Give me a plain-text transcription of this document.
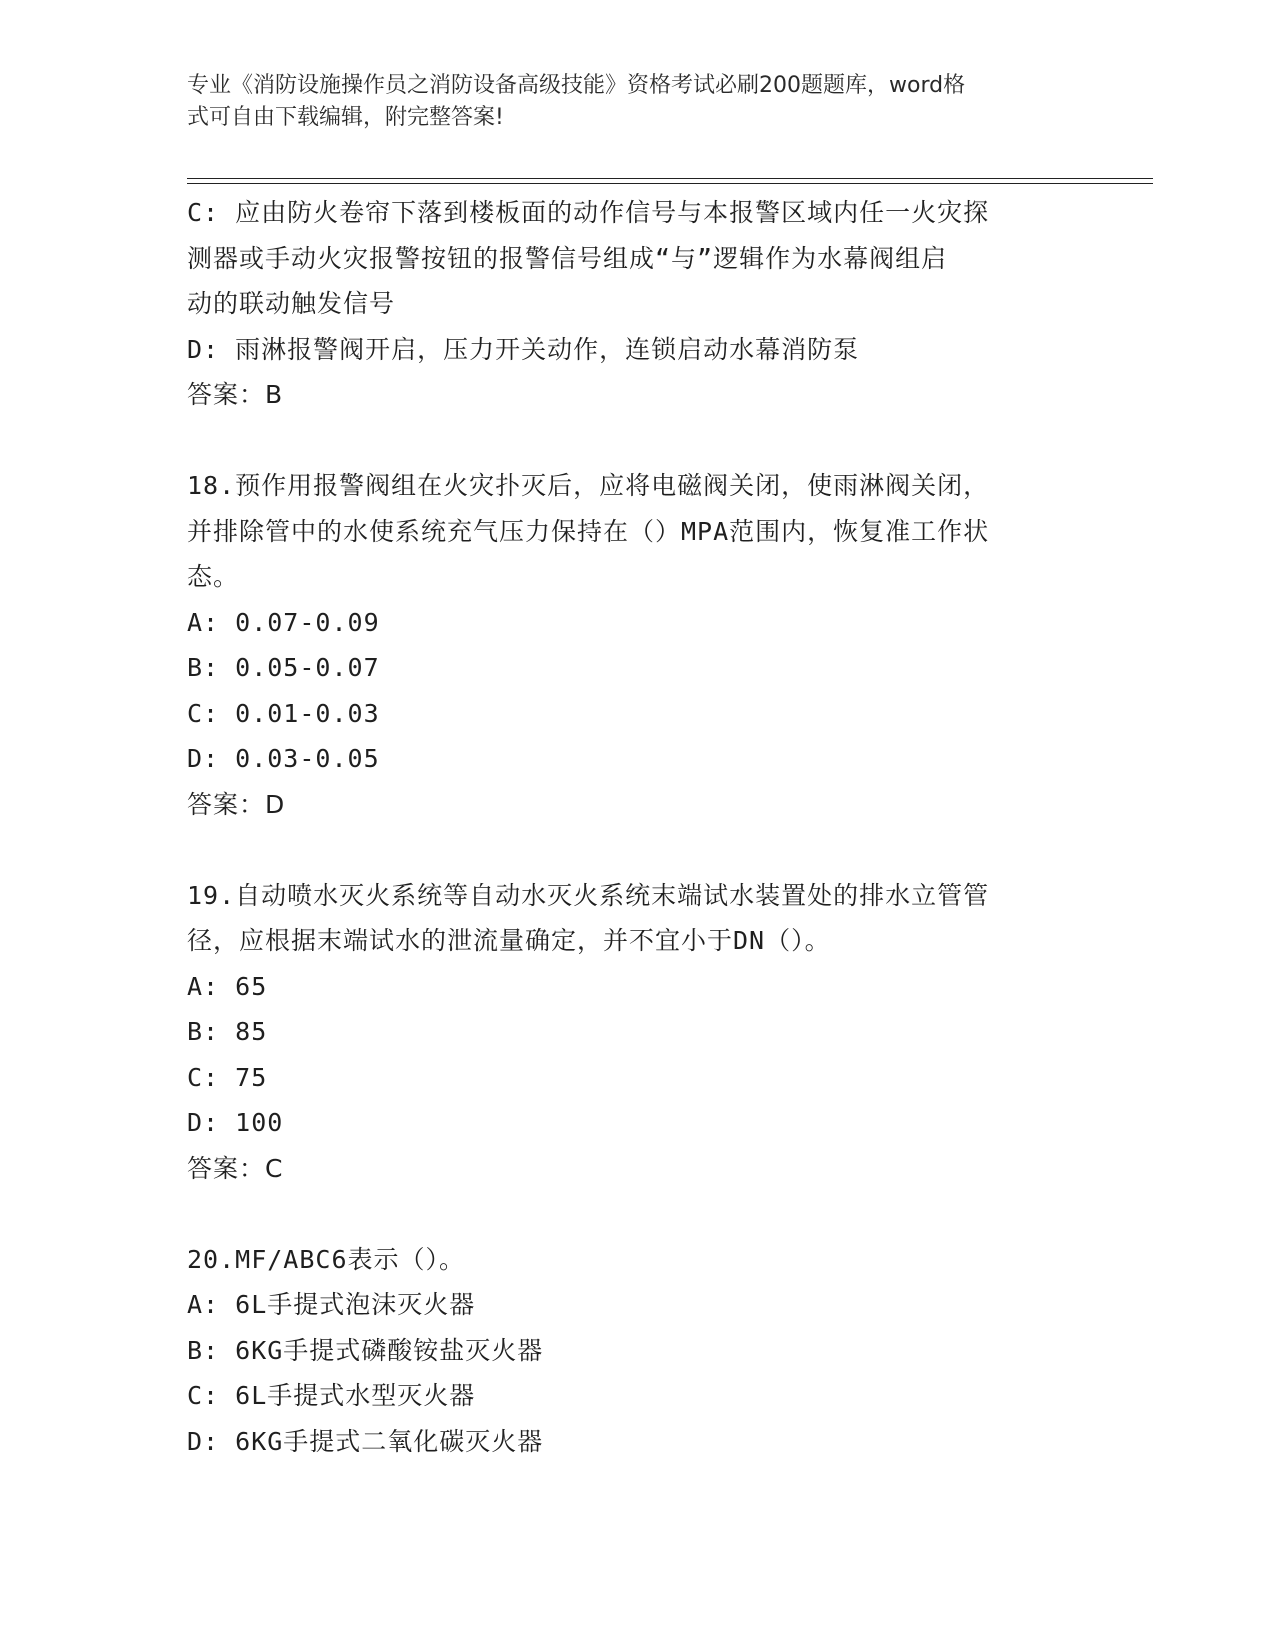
专业《消防设施操作员之消防设备高级技能》资格考试必刷200题题库，word格
式可自由下载编辑，附完整答案!
C: 应由防火卷帘下落到楼板面的动作信号与本报警区域内任一火灾探
测器或手动火灾报警按钮的报警信号组成“与”逻辑作为水幕阀组启
动的联动触发信号
D: 雨淋报警阀开启，压力开关动作，连锁启动水幕消防泵
答案：B
18.预作用报警阀组在火灾扑灭后，应将电磁阀关闭，使雨淋阀关闭，
并排除管中的水使系统充气压力保持在（）MPA范围内，恢复准工作状
态。
A: 0.07-0.09
B: 0.05-0.07
C: 0.01-0.03
D: 0.03-0.05
答案：D
19.自动喷水灭火系统等自动水灭火系统末端试水装置处的排水立管管
径，应根据末端试水的泄流量确定，并不宜小于DN（）。
A: 65
B: 85
C: 75
D: 100
答案：C
20.MF/ABC6表示（）。
A: 6L手提式泡沫灭火器
B: 6KG手提式磷酸铵盐灭火器
C: 6L手提式水型灭火器
D: 6KG手提式二氧化碳灭火器
